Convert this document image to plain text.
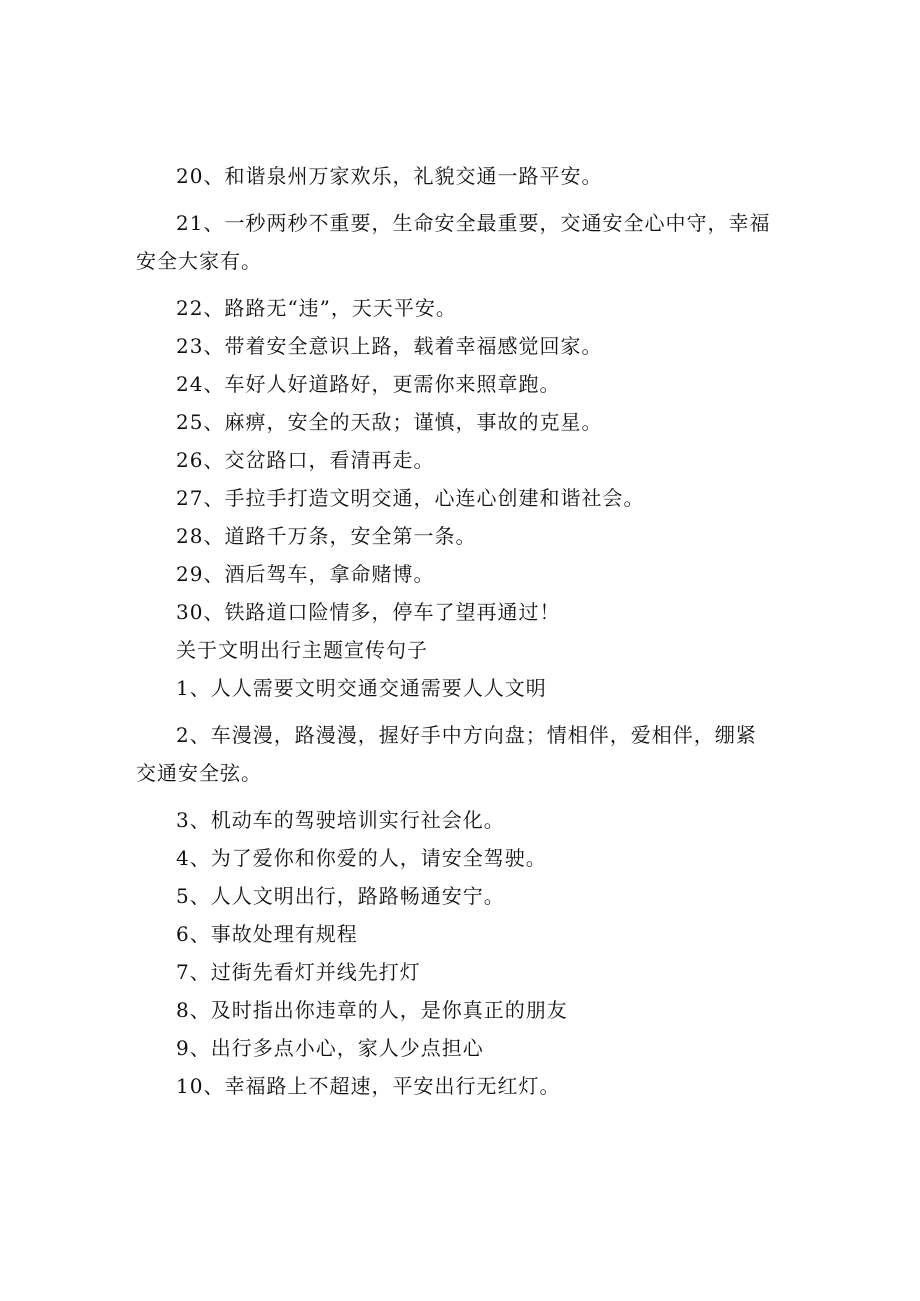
20、和谐泉州万家欢乐，礼貌交通一路平安。

21、一秒两秒不重要，生命安全最重要，交通安全心中守，幸福安全大家有。

22、路路无“违”，天天平安。

23、带着安全意识上路，载着幸福感觉回家。

24、车好人好道路好，更需你来照章跑。

25、麻痹，安全的天敌；谨慎，事故的克星。

26、交岔路口，看清再走。

27、手拉手打造文明交通，心连心创建和谐社会。

28、道路千万条，安全第一条。

29、酒后驾车，拿命赌博。

30、铁路道口险情多，停车了望再通过！

关于文明出行主题宣传句子

1、人人需要文明交通交通需要人人文明

2、车漫漫，路漫漫，握好手中方向盘；情相伴，爱相伴，绷紧交通安全弦。

3、机动车的驾驶培训实行社会化。

4、为了爱你和你爱的人，请安全驾驶。

5、人人文明出行，路路畅通安宁。

6、事故处理有规程

7、过街先看灯并线先打灯

8、及时指出你违章的人，是你真正的朋友

9、出行多点小心，家人少点担心

10、幸福路上不超速，平安出行无红灯。
